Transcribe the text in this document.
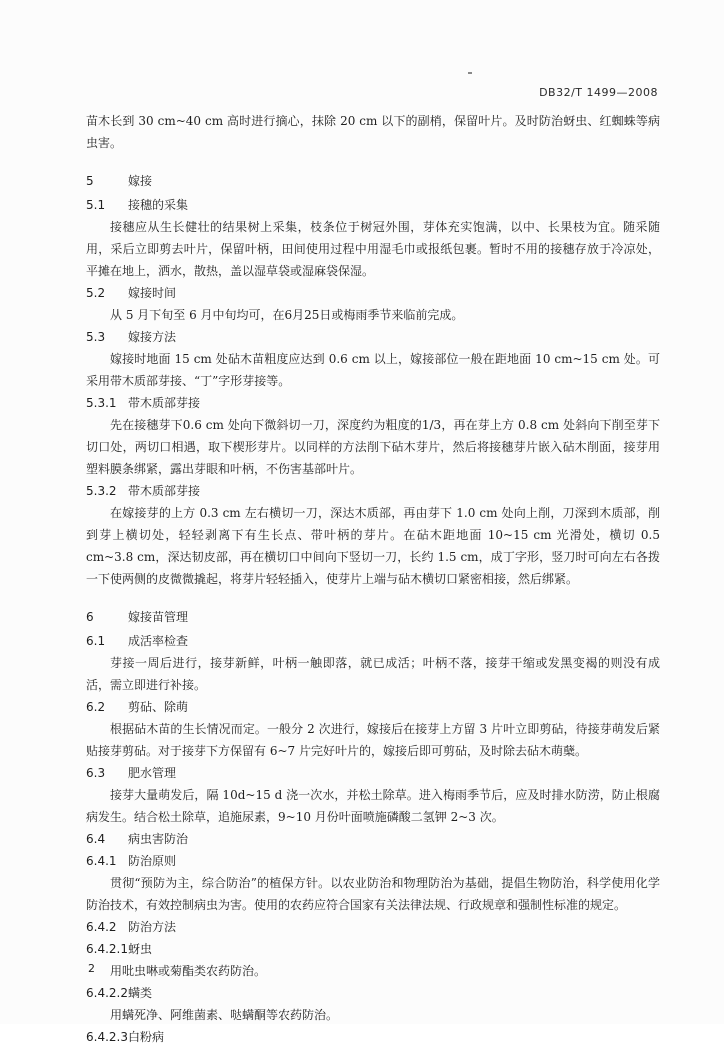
DB32/T 1499—2008

苗木长到 30 cm~40 cm 高时进行摘心，抹除 20 cm 以下的副梢，保留叶片。及时防治蚜虫、红蜘蛛等病虫害。

5	嫁接
5.1 接穗的采集

接穗应从生长健壮的结果树上采集，枝条位于树冠外围，芽体充实饱满，以中、长果枝为宜。随采随用，采后立即剪去叶片，保留叶柄，田间使用过程中用湿毛巾或报纸包裹。暂时不用的接穗存放于冷凉处，平摊在地上，洒水，散热，盖以湿草袋或湿麻袋保湿。

5.2 嫁接时间

从 5 月下旬至 6 月中旬均可，在6月25日或梅雨季节来临前完成。

5.3 嫁接方法

嫁接时地面 15 cm 处砧木苗粗度应达到 0.6 cm 以上，嫁接部位一般在距地面 10 cm~15 cm 处。可采用带木质部芽接、“丁”字形芽接等。

5.3.1 带木质部芽接

先在接穗芽下0.6 cm 处向下微斜切一刀，深度约为粗度的1/3，再在芽上方 0.8 cm 处斜向下削至芽下切口处，两切口相遇，取下楔形芽片。以同样的方法削下砧木芽片，然后将接穗芽片嵌入砧木削面，接芽用塑料膜条绑紧，露出芽眼和叶柄，不伤害基部叶片。

5.3.2 带木质部芽接

在嫁接芽的上方 0.3 cm 左右横切一刀，深达木质部，再由芽下 1.0 cm 处向上削，刀深到木质部，削到芽上横切处，轻轻剥离下有生长点、带叶柄的芽片。在砧木距地面 10~15 cm 光滑处，横切 0.5 cm~3.8 cm，深达韧皮部，再在横切口中间向下竖切一刀，长约 1.5 cm，成丁字形，竖刀时可向左右各拨一下使两侧的皮微微撬起，将芽片轻轻插入，使芽片上端与砧木横切口紧密相接，然后绑紧。

6	嫁接苗管理
6.1 成活率检查

芽接一周后进行，接芽新鲜，叶柄一触即落，就已成活；叶柄不落，接芽干缩或发黑变褐的则没有成活，需立即进行补接。

6.2 剪砧、除萌

根据砧木苗的生长情况而定。一般分 2 次进行，嫁接后在接芽上方留 3 片叶立即剪砧，待接芽萌发后紧贴接芽剪砧。对于接芽下方保留有 6~7 片完好叶片的，嫁接后即可剪砧，及时除去砧木萌蘖。

6.3 肥水管理

接芽大量萌发后，隔 10d~15 d 浇一次水，并松土除草。进入梅雨季节后，应及时排水防涝，防止根腐病发生。结合松土除草，追施尿素，9~10 月份叶面喷施磷酸二氢钾 2~3 次。

6.4 病虫害防治
6.4.1 防治原则

贯彻“预防为主，综合防治”的植保方针。以农业防治和物理防治为基础，提倡生物防治，科学使用化学防治技术，有效控制病虫为害。使用的农药应符合国家有关法律法规、行政规章和强制性标准的规定。

6.4.2 防治方法
6.4.2.1蚜虫

用吡虫啉或菊酯类农药防治。

6.4.2.2螨类

用螨死净、阿维菌素、哒螨酮等农药防治。

6.4.2.3白粉病
2
